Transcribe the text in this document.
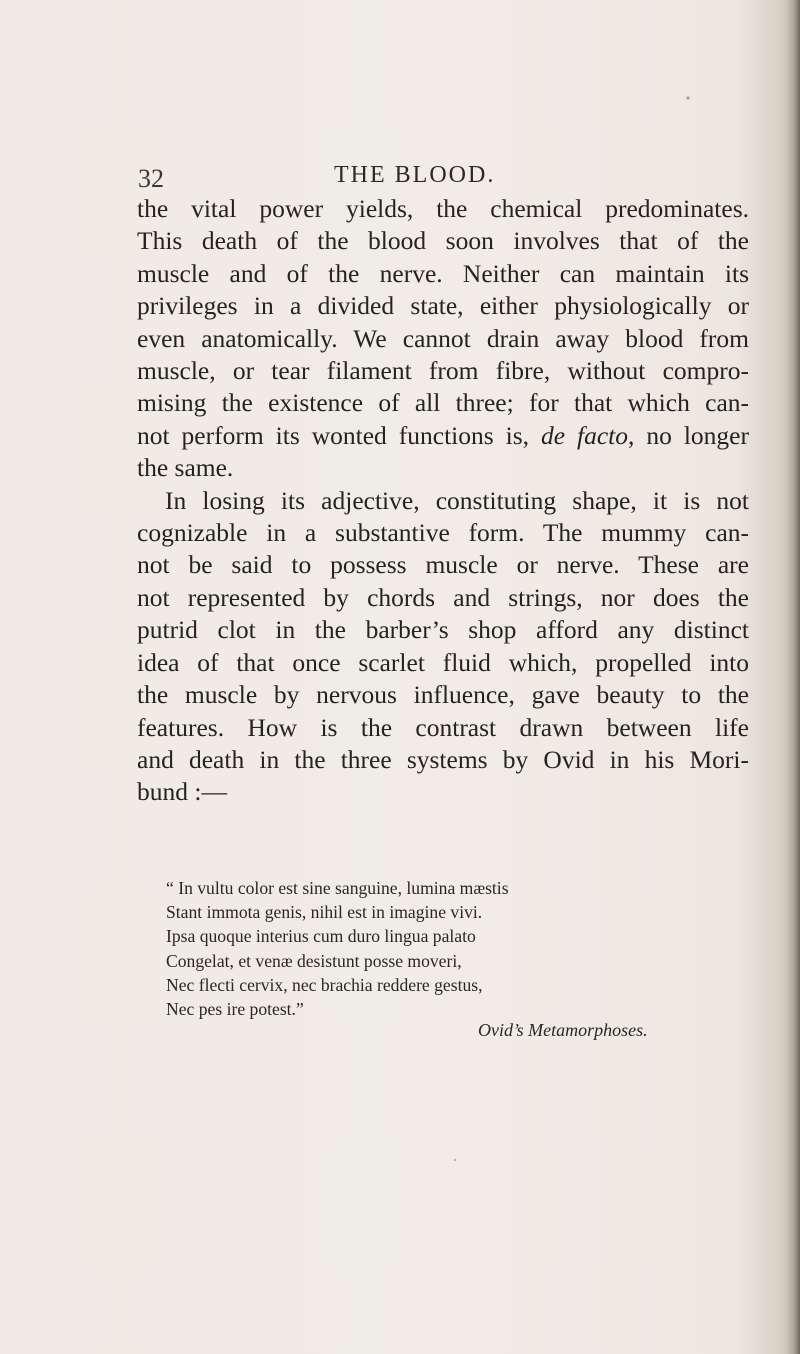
32	THE BLOOD.

the vital power yields, the chemical predominates.
This death of the blood soon involves that of the
muscle and of the nerve. Neither can maintain its
privileges in a divided state, either physiologically or
even anatomically. We cannot drain away blood from
muscle, or tear filament from fibre, without compro-
mising the existence of all three; for that which can-
not perform its wonted functions is, de facto, no longer
the same.

In losing its adjective, constituting shape, it is not
cognizable in a substantive form. The mummy can-
not be said to possess muscle or nerve. These are
not represented by chords and strings, nor does the
putrid clot in the barber’s shop afford any distinct
idea of that once scarlet fluid which, propelled into
the muscle by nervous influence, gave beauty to the
features. How is the contrast drawn between life
and death in the three systems by Ovid in his Mori-
bund :—

“ In vultu color est sine sanguine, lumina mæstis
Stant immota genis, nihil est in imagine vivi.
Ipsa quoque interius cum duro lingua palato
Congelat, et venæ desistunt posse moveri,
Nec flecti cervix, nec brachia reddere gestus,
Nec pes ire potest.”
Ovid’s Metamorphoses.
